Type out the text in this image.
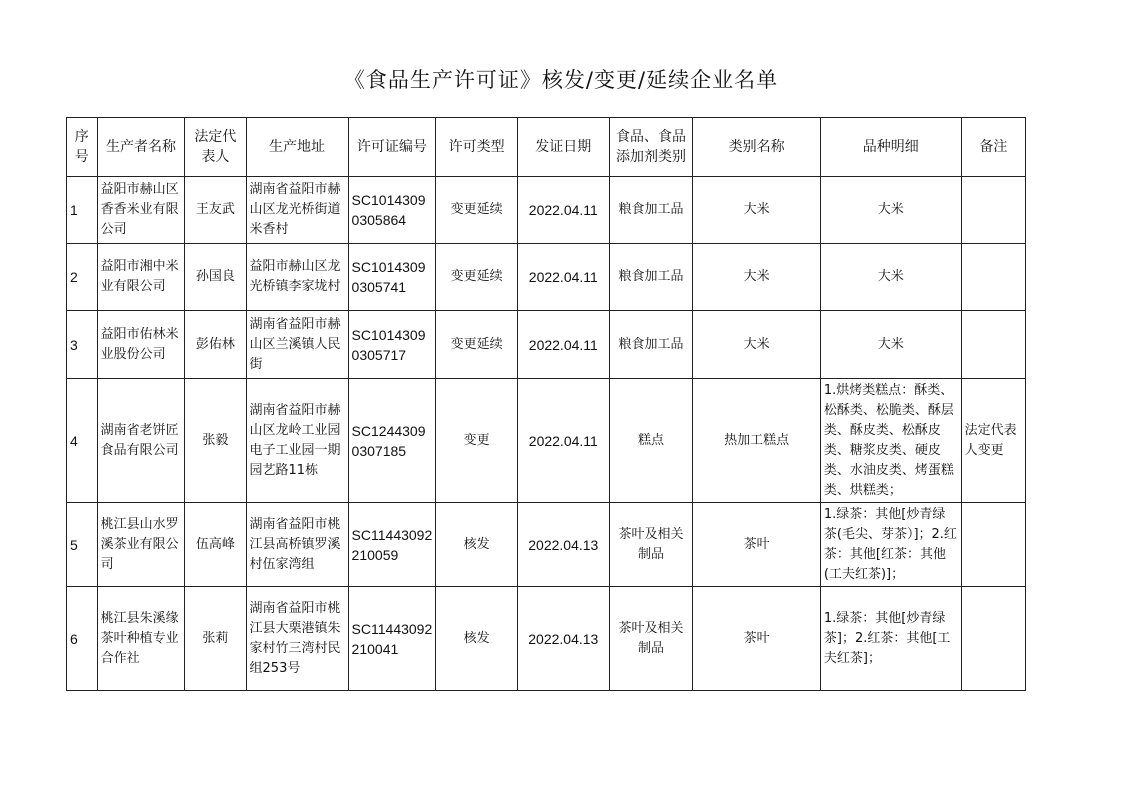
《食品生产许可证》核发/变更/延续企业名单
序号	生产者名称	法定代表人	生产地址	许可证编号	许可类型	发证日期	食品、食品添加剂类别	类别名称	品种明细	备注
1	益阳市赫山区香香米业有限公司	王友武	湖南省益阳市赫山区龙光桥街道米香村	SC10143090305864	变更延续	2022.04.11	粮食加工品	大米	大米	
2	益阳市湘中米业有限公司	孙国良	益阳市赫山区龙光桥镇李家垅村	SC10143090305741	变更延续	2022.04.11	粮食加工品	大米	大米	
3	益阳市佑林米业股份公司	彭佑林	湖南省益阳市赫山区兰溪镇人民街	SC10143090305717	变更延续	2022.04.11	粮食加工品	大米	大米	
4	湖南省老饼匠食品有限公司	张毅	湖南省益阳市赫山区龙岭工业园电子工业园一期园艺路11栋	SC12443090307185	变更	2022.04.11	糕点	热加工糕点	1.烘烤类糕点：酥类、松酥类、松脆类、酥层类、酥皮类、松酥皮类、糖浆皮类、硬皮类、水油皮类、烤蛋糕类、烘糕类；	法定代表人变更
5	桃江县山水罗溪茶业有限公司	伍高峰	湖南省益阳市桃江县高桥镇罗溪村伍家湾组	SC11443092210059	核发	2022.04.13	茶叶及相关制品	茶叶	1.绿茶：其他[炒青绿茶(毛尖、芽茶）]；2.红茶：其他[红茶：其他(工夫红茶)]；	
6	桃江县朱溪缘茶叶种植专业合作社	张莉	湖南省益阳市桃江县大栗港镇朱家村竹三湾村民组253号	SC11443092210041	核发	2022.04.13	茶叶及相关制品	茶叶	1.绿茶：其他[炒青绿茶]；2.红茶：其他[工夫红茶]；	
